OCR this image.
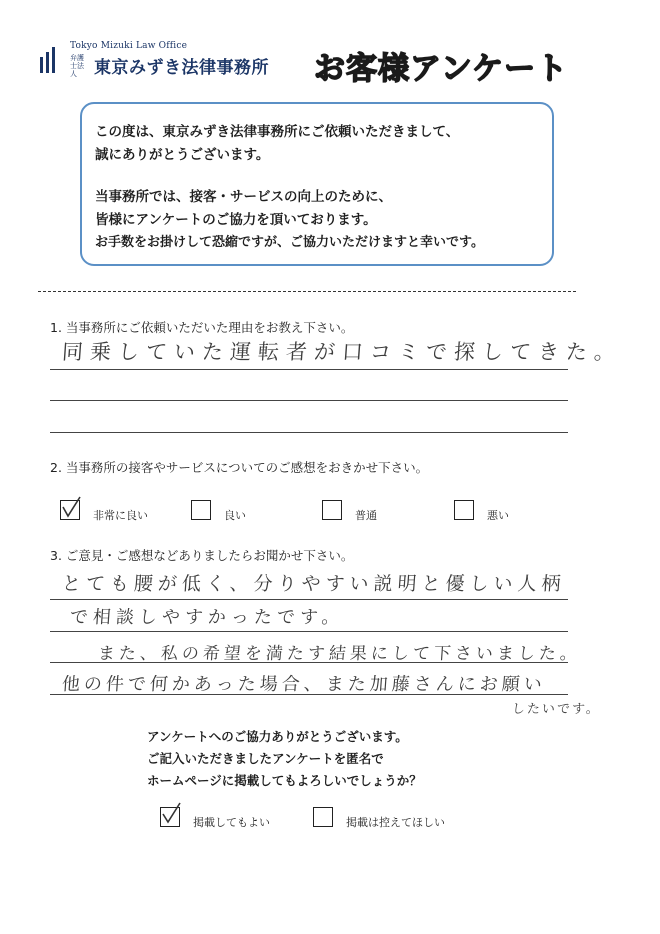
Tokyo Mizuki Law Office
弁護士法人	東京みずき法律事務所 お客様アンケート
この度は、東京みずき法律事務所にご依頼いただきまして、
誠にありがとうございます。
当事務所では、接客・サービスの向上のために、
皆様にアンケートのご協力を頂いております。
お手数をお掛けして恐縮ですが、ご協力いただけますと幸いです。
1. 当事務所にご依頼いただいた理由をお教え下さい。
同乗していた運転者が口コミで探してきた。
2. 当事務所の接客やサービスについてのご感想をおきかせ下さい。
非常に良い	良い	普通	悪い
3. ご意見・ご感想などありましたらお聞かせ下さい。
とても腰が低く、分りやすい説明と優しい人柄
で相談しやすかったです。
また、私の希望を満たす結果にして下さいました。
他の件で何かあった場合、また加藤さんにお願い
したいです。
アンケートへのご協力ありがとうございます。
ご記入いただきましたアンケートを匿名で
ホームページに掲載してもよろしいでしょうか？
掲載してもよい	掲載は控えてほしい
